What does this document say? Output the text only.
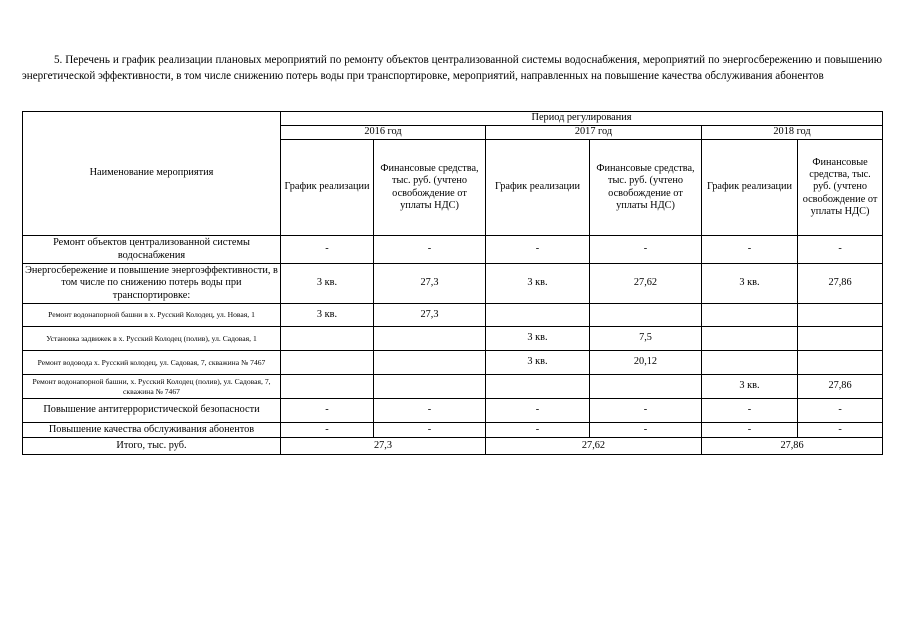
5. Перечень и график реализации плановых мероприятий по ремонту объектов централизованной системы водоснабжения, мероприятий по энергосбережению и повышению энергетической эффективности, в том числе снижению потерь воды при транспортировке, мероприятий, направленных на повышение качества обслуживания абонентов
Наименование мероприятия	Период регулирования					
	2016 год		2017 год		2018 год	
	График реализации	Финансовые средства, тыс. руб. (учтено освобождение от уплаты НДС)	График реализации	Финансовые средства, тыс. руб. (учтено освобождение от уплаты НДС)	График реализации	Финансовые средства, тыс. руб. (учтено освобождение от уплаты НДС)
Ремонт объектов централизованной системы водоснабжения	-	-	-	-	-	-
Энергосбережение и повышение энергоэффективности, в том числе по снижению потерь воды при транспортировке:	3 кв.	27,3	3 кв.	27,62	3 кв.	27,86
Ремонт водонапорной башни в х. Русский Колодец, ул. Новая, 1	3 кв.	27,3				
Установка задвижек в х. Русский Колодец (полив), ул. Садовая, 1			3 кв.	7,5		
Ремонт водовода х. Русский колодец, ул. Садовая, 7, скважина № 7467			3 кв.	20,12		
Ремонт водонапорной башни, х. Русский Колодец (полив), ул. Садовая, 7, скважина № 7467					3 кв.	27,86
Повышение антитеррористической безопасности	-	-	-	-	-	-
Повышение качества обслуживания абонентов	-	-	-	-	-	-
Итого, тыс. руб.	27,3		27,62		27,86	
